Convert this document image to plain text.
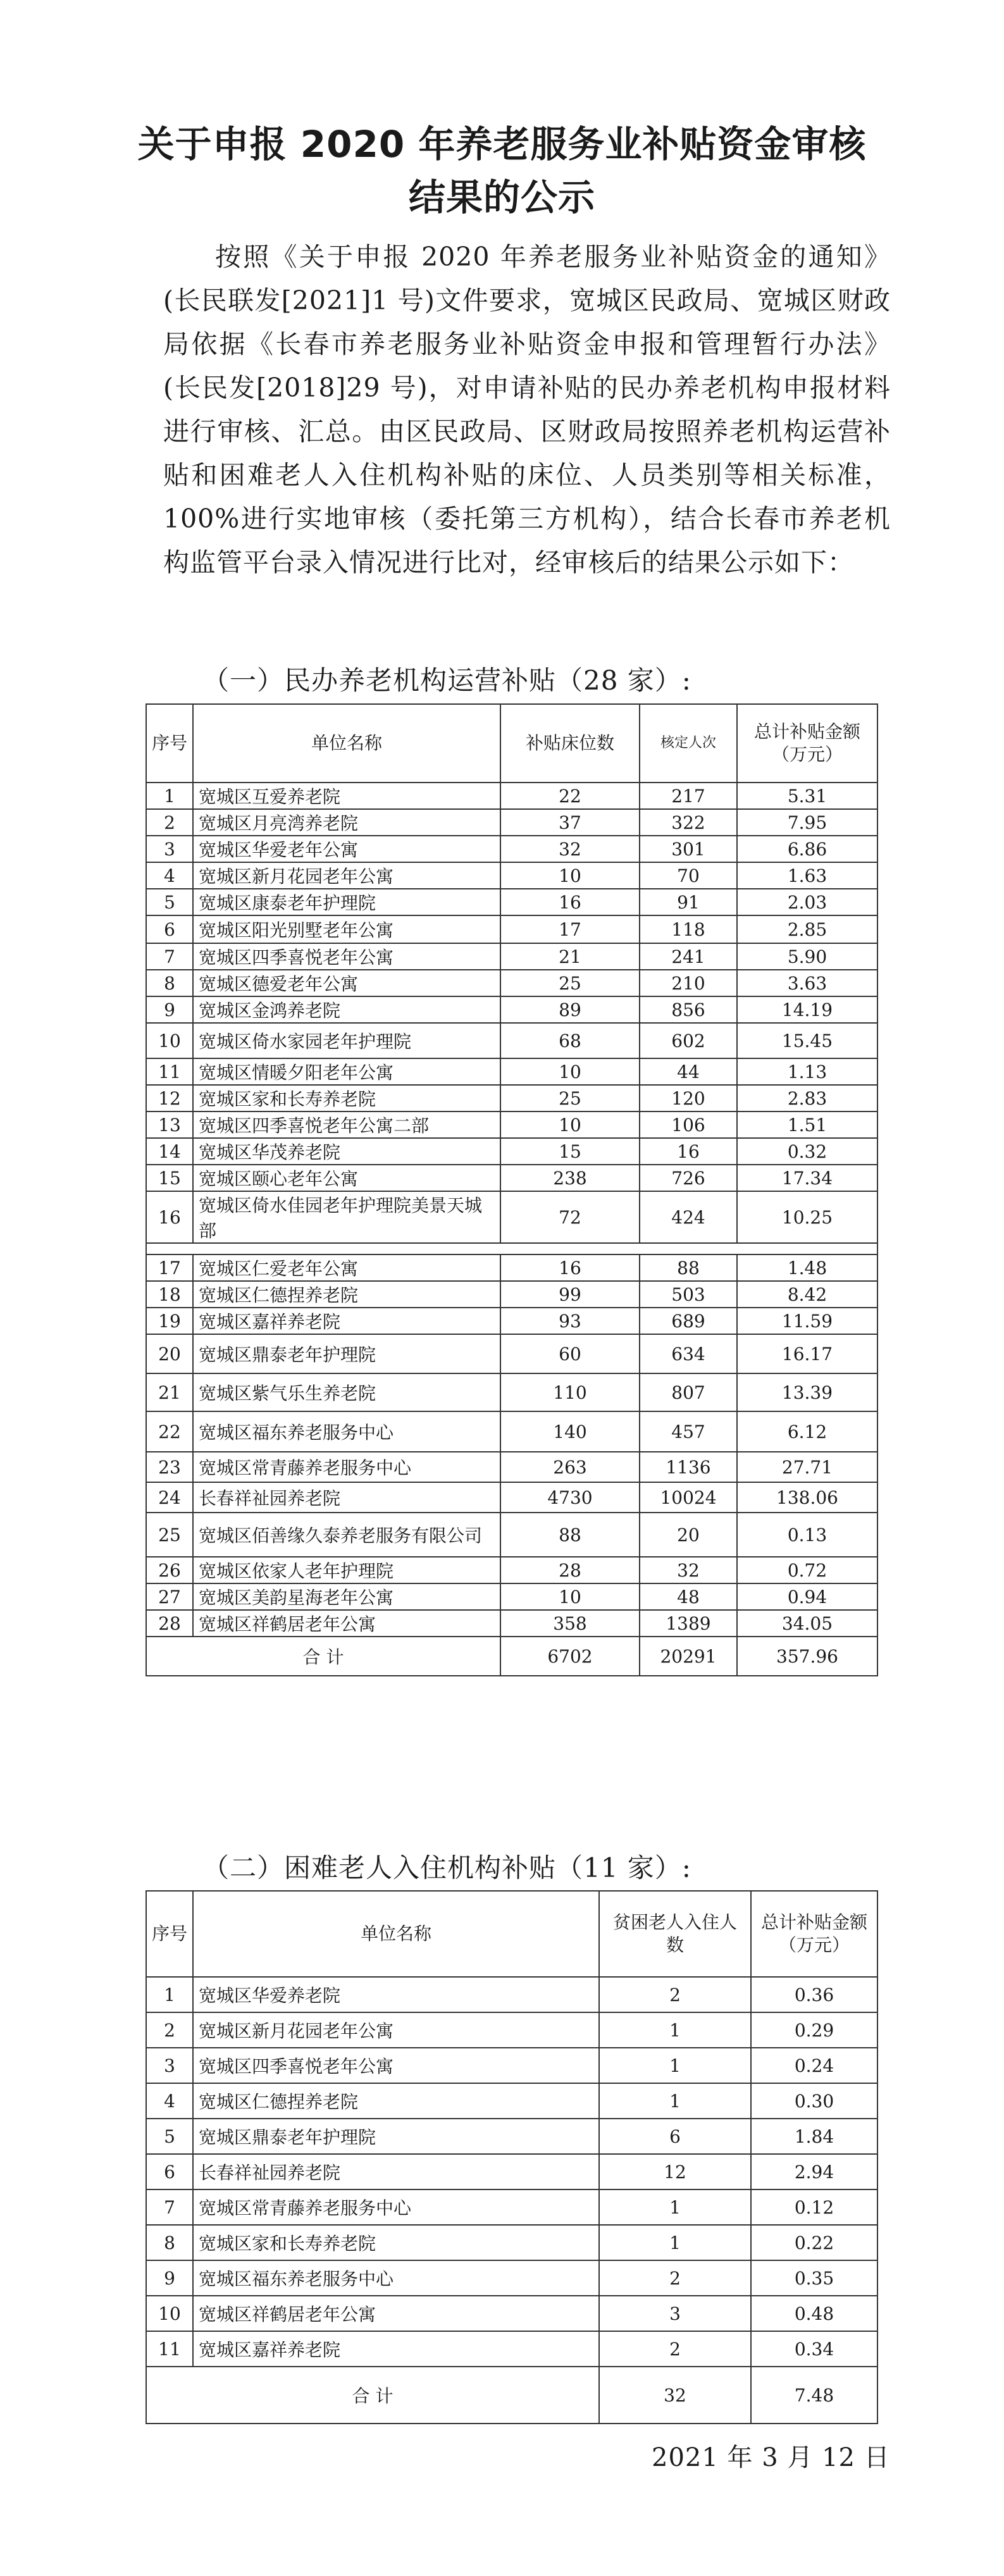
关于申报 2020 年养老服务业补贴资金审核
结果的公示
按照《关于申报 2020 年养老服务业补贴资金的通知》(长民联发[2021]1 号)文件要求，宽城区民政局、宽城区财政局依据《长春市养老服务业补贴资金申报和管理暂行办法》(长民发[2018]29 号)，对申请补贴的民办养老机构申报材料进行审核、汇总。由区民政局、区财政局按照养老机构运营补贴和困难老人入住机构补贴的床位、人员类别等相关标准，100%进行实地审核（委托第三方机构），结合长春市养老机构监管平台录入情况进行比对，经审核后的结果公示如下：
（一）民办养老机构运营补贴（28 家）:
序号	单位名称	补贴床位数	核定人次	总计补贴金额（万元）
1	宽城区互爱养老院	22	217	5.31
2	宽城区月亮湾养老院	37	322	7.95
3	宽城区华爱老年公寓	32	301	6.86
4	宽城区新月花园老年公寓	10	70	1.63
5	宽城区康泰老年护理院	16	91	2.03
6	宽城区阳光别墅老年公寓	17	118	2.85
7	宽城区四季喜悦老年公寓	21	241	5.90
8	宽城区德爱老年公寓	25	210	3.63
9	宽城区金鸿养老院	89	856	14.19
10	宽城区倚水家园老年护理院	68	602	15.45
11	宽城区情暖夕阳老年公寓	10	44	1.13
12	宽城区家和长寿养老院	25	120	2.83
13	宽城区四季喜悦老年公寓二部	10	106	1.51
14	宽城区华茂养老院	15	16	0.32
15	宽城区颐心老年公寓	238	726	17.34
16	宽城区倚水佳园老年护理院美景天城部	72	424	10.25

17	宽城区仁爱老年公寓	16	88	1.48
18	宽城区仁德捏养老院	99	503	8.42
19	宽城区嘉祥养老院	93	689	11.59
20	宽城区鼎泰老年护理院	60	634	16.17
21	宽城区紫气乐生养老院	110	807	13.39
22	宽城区福东养老服务中心	140	457	6.12
23	宽城区常青藤养老服务中心	263	1136	27.71
24	长春祥祉园养老院	4730	10024	138.06
25	宽城区佰善缘久泰养老服务有限公司	88	20	0.13
26	宽城区依家人老年护理院	28	32	0.72
27	宽城区美韵星海老年公寓	10	48	0.94
28	宽城区祥鹤居老年公寓	358	1389	34.05
合 计		6702	20291	357.96
（二）困难老人入住机构补贴（11 家）:
序号	单位名称	贫困老人入住人数	总计补贴金额（万元）
1	宽城区华爱养老院	2	0.36
2	宽城区新月花园老年公寓	1	0.29
3	宽城区四季喜悦老年公寓	1	0.24
4	宽城区仁德捏养老院	1	0.30
5	宽城区鼎泰老年护理院	6	1.84
6	长春祥祉园养老院	12	2.94
7	宽城区常青藤养老服务中心	1	0.12
8	宽城区家和长寿养老院	1	0.22
9	宽城区福东养老服务中心	2	0.35
10	宽城区祥鹤居老年公寓	3	0.48
11	宽城区嘉祥养老院	2	0.34
合 计		32	7.48
2021 年 3 月 12 日
